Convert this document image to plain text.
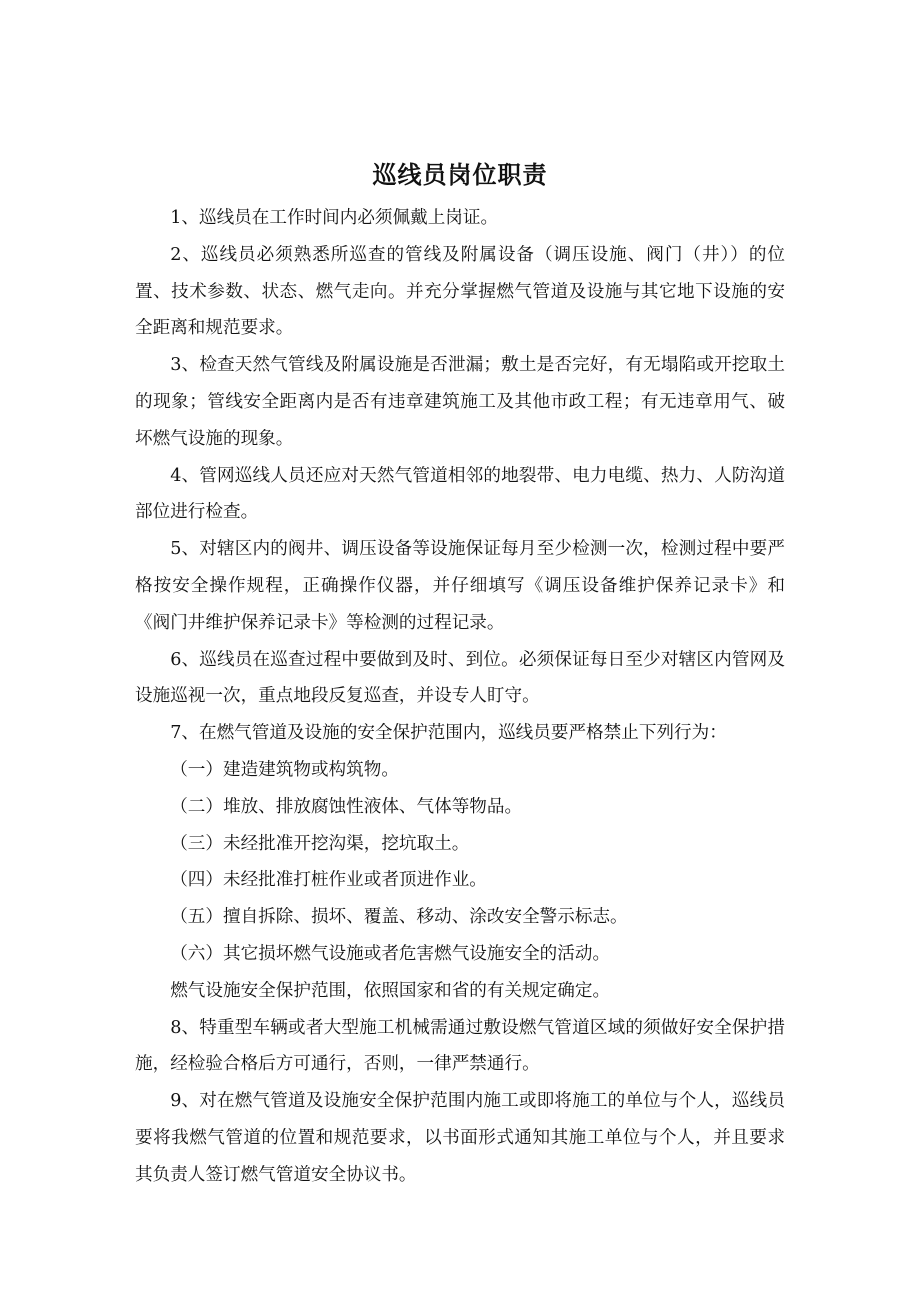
巡线员岗位职责

1、巡线员在工作时间内必须佩戴上岗证。

2、巡线员必须熟悉所巡查的管线及附属设备（调压设施、阀门（井））的位置、技术参数、状态、燃气走向。并充分掌握燃气管道及设施与其它地下设施的安全距离和规范要求。

3、检查天然气管线及附属设施是否泄漏；敷土是否完好，有无塌陷或开挖取土的现象；管线安全距离内是否有违章建筑施工及其他市政工程；有无违章用气、破坏燃气设施的现象。

4、管网巡线人员还应对天然气管道相邻的地裂带、电力电缆、热力、人防沟道部位进行检查。

5、对辖区内的阀井、调压设备等设施保证每月至少检测一次，检测过程中要严格按安全操作规程，正确操作仪器，并仔细填写《调压设备维护保养记录卡》和《阀门井维护保养记录卡》等检测的过程记录。

6、巡线员在巡查过程中要做到及时、到位。必须保证每日至少对辖区内管网及设施巡视一次，重点地段反复巡查，并设专人盯守。

7、在燃气管道及设施的安全保护范围内，巡线员要严格禁止下列行为：

（一）建造建筑物或构筑物。

（二）堆放、排放腐蚀性液体、气体等物品。

（三）未经批准开挖沟渠，挖坑取土。

（四）未经批准打桩作业或者顶进作业。

（五）擅自拆除、损坏、覆盖、移动、涂改安全警示标志。

（六）其它损坏燃气设施或者危害燃气设施安全的活动。

燃气设施安全保护范围，依照国家和省的有关规定确定。

8、特重型车辆或者大型施工机械需通过敷设燃气管道区域的须做好安全保护措施，经检验合格后方可通行，否则，一律严禁通行。

9、对在燃气管道及设施安全保护范围内施工或即将施工的单位与个人，巡线员要将我燃气管道的位置和规范要求，以书面形式通知其施工单位与个人，并且要求其负责人签订燃气管道安全协议书。
